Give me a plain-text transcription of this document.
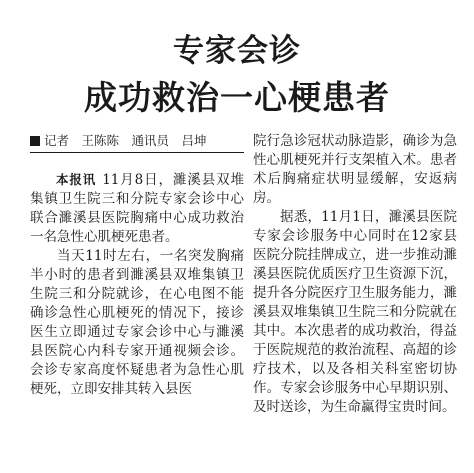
专家会诊
成功救治一心梗患者
记者　王陈陈　通讯员　吕坤

本报讯 11月8日，濉溪县双堆集镇卫生院三和分院专家会诊中心联合濉溪县医院胸痛中心成功救治一名急性心肌梗死患者。

当天11时左右，一名突发胸痛半小时的患者到濉溪县双堆集镇卫生院三和分院就诊，在心电图不能确诊急性心肌梗死的情况下，接诊医生立即通过专家会诊中心与濉溪县医院心内科专家开通视频会诊。会诊专家高度怀疑患者为急性心肌梗死，立即安排其转入县医

院行急诊冠状动脉造影，确诊为急性心肌梗死并行支架植入术。患者术后胸痛症状明显缓解，安返病房。

据悉，11月1日，濉溪县医院专家会诊服务中心同时在12家县医院分院挂牌成立，进一步推动濉溪县医院优质医疗卫生资源下沉，提升各分院医疗卫生服务能力，濉溪县双堆集镇卫生院三和分院就在其中。本次患者的成功救治，得益于医院规范的救治流程、高超的诊疗技术，以及各相关科室密切协作。专家会诊服务中心早期识别、及时送诊，为生命赢得宝贵时间。
